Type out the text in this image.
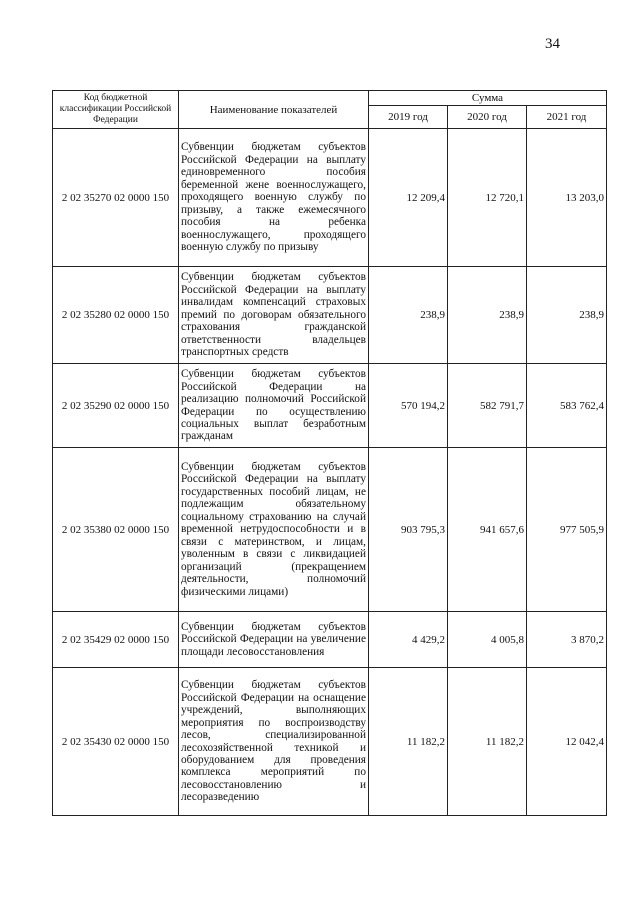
34
Код бюджетной классификации Российской Федерации	Наименование показателей	Сумма		
		2019 год	2020 год	2021 год
2 02 35270 02 0000 150	Субвенции бюджетам субъектов Российской Федерации на выплату единовременного пособия беременной жене военнослужащего, проходящего военную службу по призыву, а также ежемесячного пособия на ребенка военнослужащего, проходящего военную службу по призыву	12 209,4	12 720,1	13 203,0
2 02 35280 02 0000 150	Субвенции бюджетам субъектов Российской Федерации на выплату инвалидам компенсаций страховых премий по договорам обязательного страхования гражданской ответственности владельцев транспортных средств	238,9	238,9	238,9
2 02 35290 02 0000 150	Субвенции бюджетам субъектов Российской Федерации на реализацию полномочий Российской Федерации по осуществлению социальных выплат безработным гражданам	570 194,2	582 791,7	583 762,4
2 02 35380 02 0000 150	Субвенции бюджетам субъектов Российской Федерации на выплату государственных пособий лицам, не подлежащим обязательному социальному страхованию на случай временной нетрудоспособности и в связи с материнством, и лицам, уволенным в связи с ликвидацией организаций (прекращением деятельности, полномочий физическими лицами)	903 795,3	941 657,6	977 505,9
2 02 35429 02 0000 150	Субвенции бюджетам субъектов Российской Федерации на увеличение площади лесовосстановления	4 429,2	4 005,8	3 870,2
2 02 35430 02 0000 150	Субвенции бюджетам субъектов Российской Федерации на оснащение учреждений, выполняющих мероприятия по воспроизводству лесов, специализированной лесохозяйственной техникой и оборудованием для проведения комплекса мероприятий по лесовосстановлению и лесоразведению	11 182,2	11 182,2	12 042,4
